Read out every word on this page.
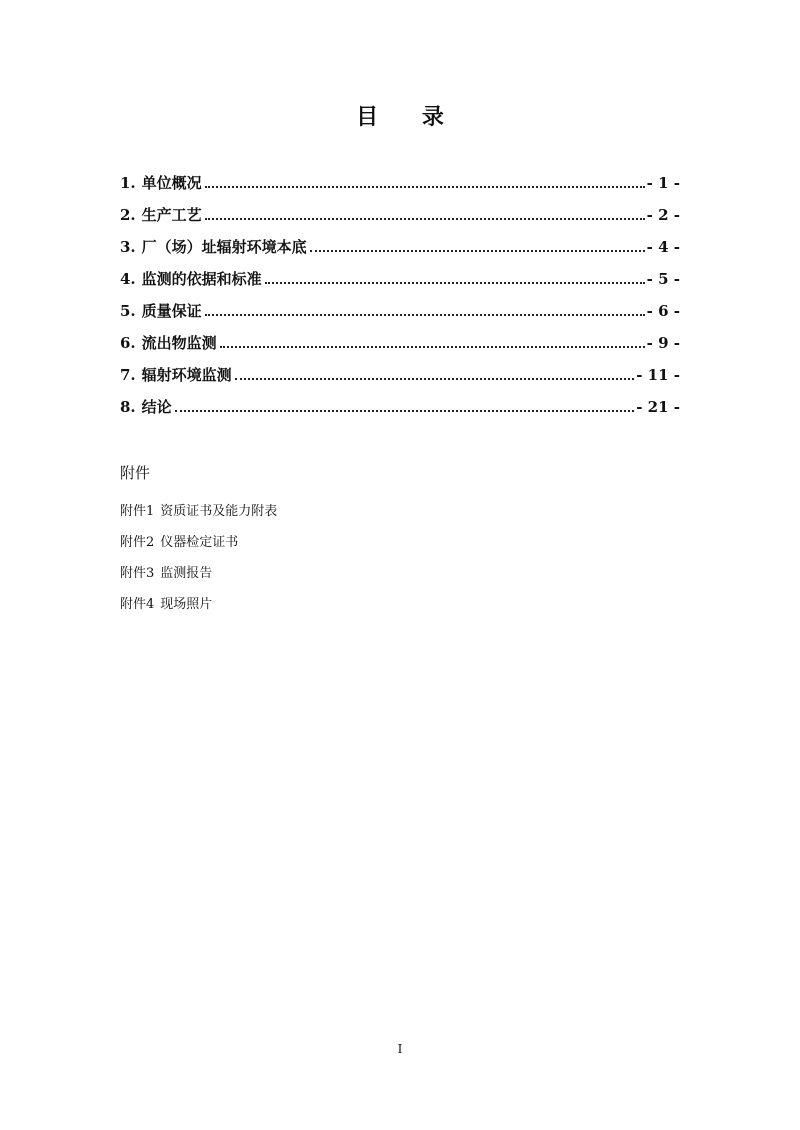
目 录
1. 单位概况	- 1 -
2. 生产工艺	- 2 -
3. 厂（场）址辐射环境本底	- 4 -
4. 监测的依据和标准	- 5 -
5. 质量保证	- 6 -
6. 流出物监测	- 9 -
7. 辐射环境监测	- 11 -
8. 结论	- 21 -
附件
附件1 资质证书及能力附表
附件2 仪器检定证书
附件3 监测报告
附件4 现场照片
I
